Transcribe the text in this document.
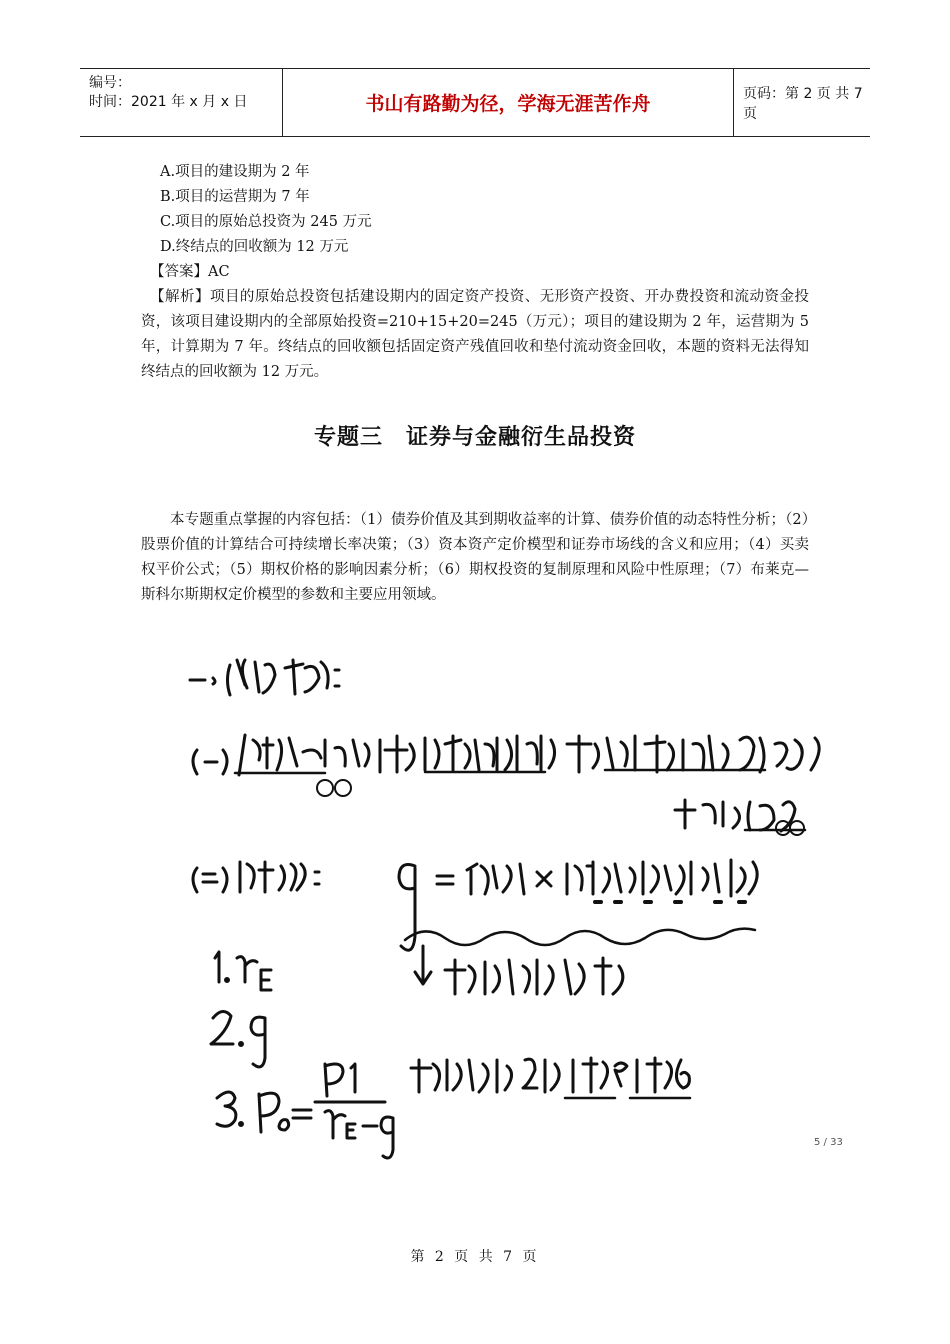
编号：
时间：2021 年 x 月 x 日	书山有路勤为径，学海无涯苦作舟	页码：第 2 页 共 7 页
A.项目的建设期为 2 年
B.项目的运营期为 7 年
C.项目的原始总投资为 245 万元
D.终结点的回收额为 12 万元
【答案】AC
【解析】项目的原始总投资包括建设期内的固定资产投资、无形资产投资、开办费投资和流动资金投资，该项目建设期内的全部原始投资=210+15+20=245（万元）；项目的建设期为 2 年，运营期为 5 年，计算期为 7 年。终结点的回收额包括固定资产残值回收和垫付流动资金回收，本题的资料无法得知终结点的回收额为 12 万元。
专题三　证券与金融衍生品投资
本专题重点掌握的内容包括：（1）债券价值及其到期收益率的计算、债券价值的动态特性分析；（2）股票价值的计算结合可持续增长率决策；（3）资本资产定价模型和证券市场线的含义和应用；（4）买卖权平价公式；（5）期权价格的影响因素分析；（6）期权投资的复制原理和风险中性原理；（7）布莱克—斯科尔斯期权定价模型的参数和主要应用领域。
5 / 33
第 2 页 共 7 页
